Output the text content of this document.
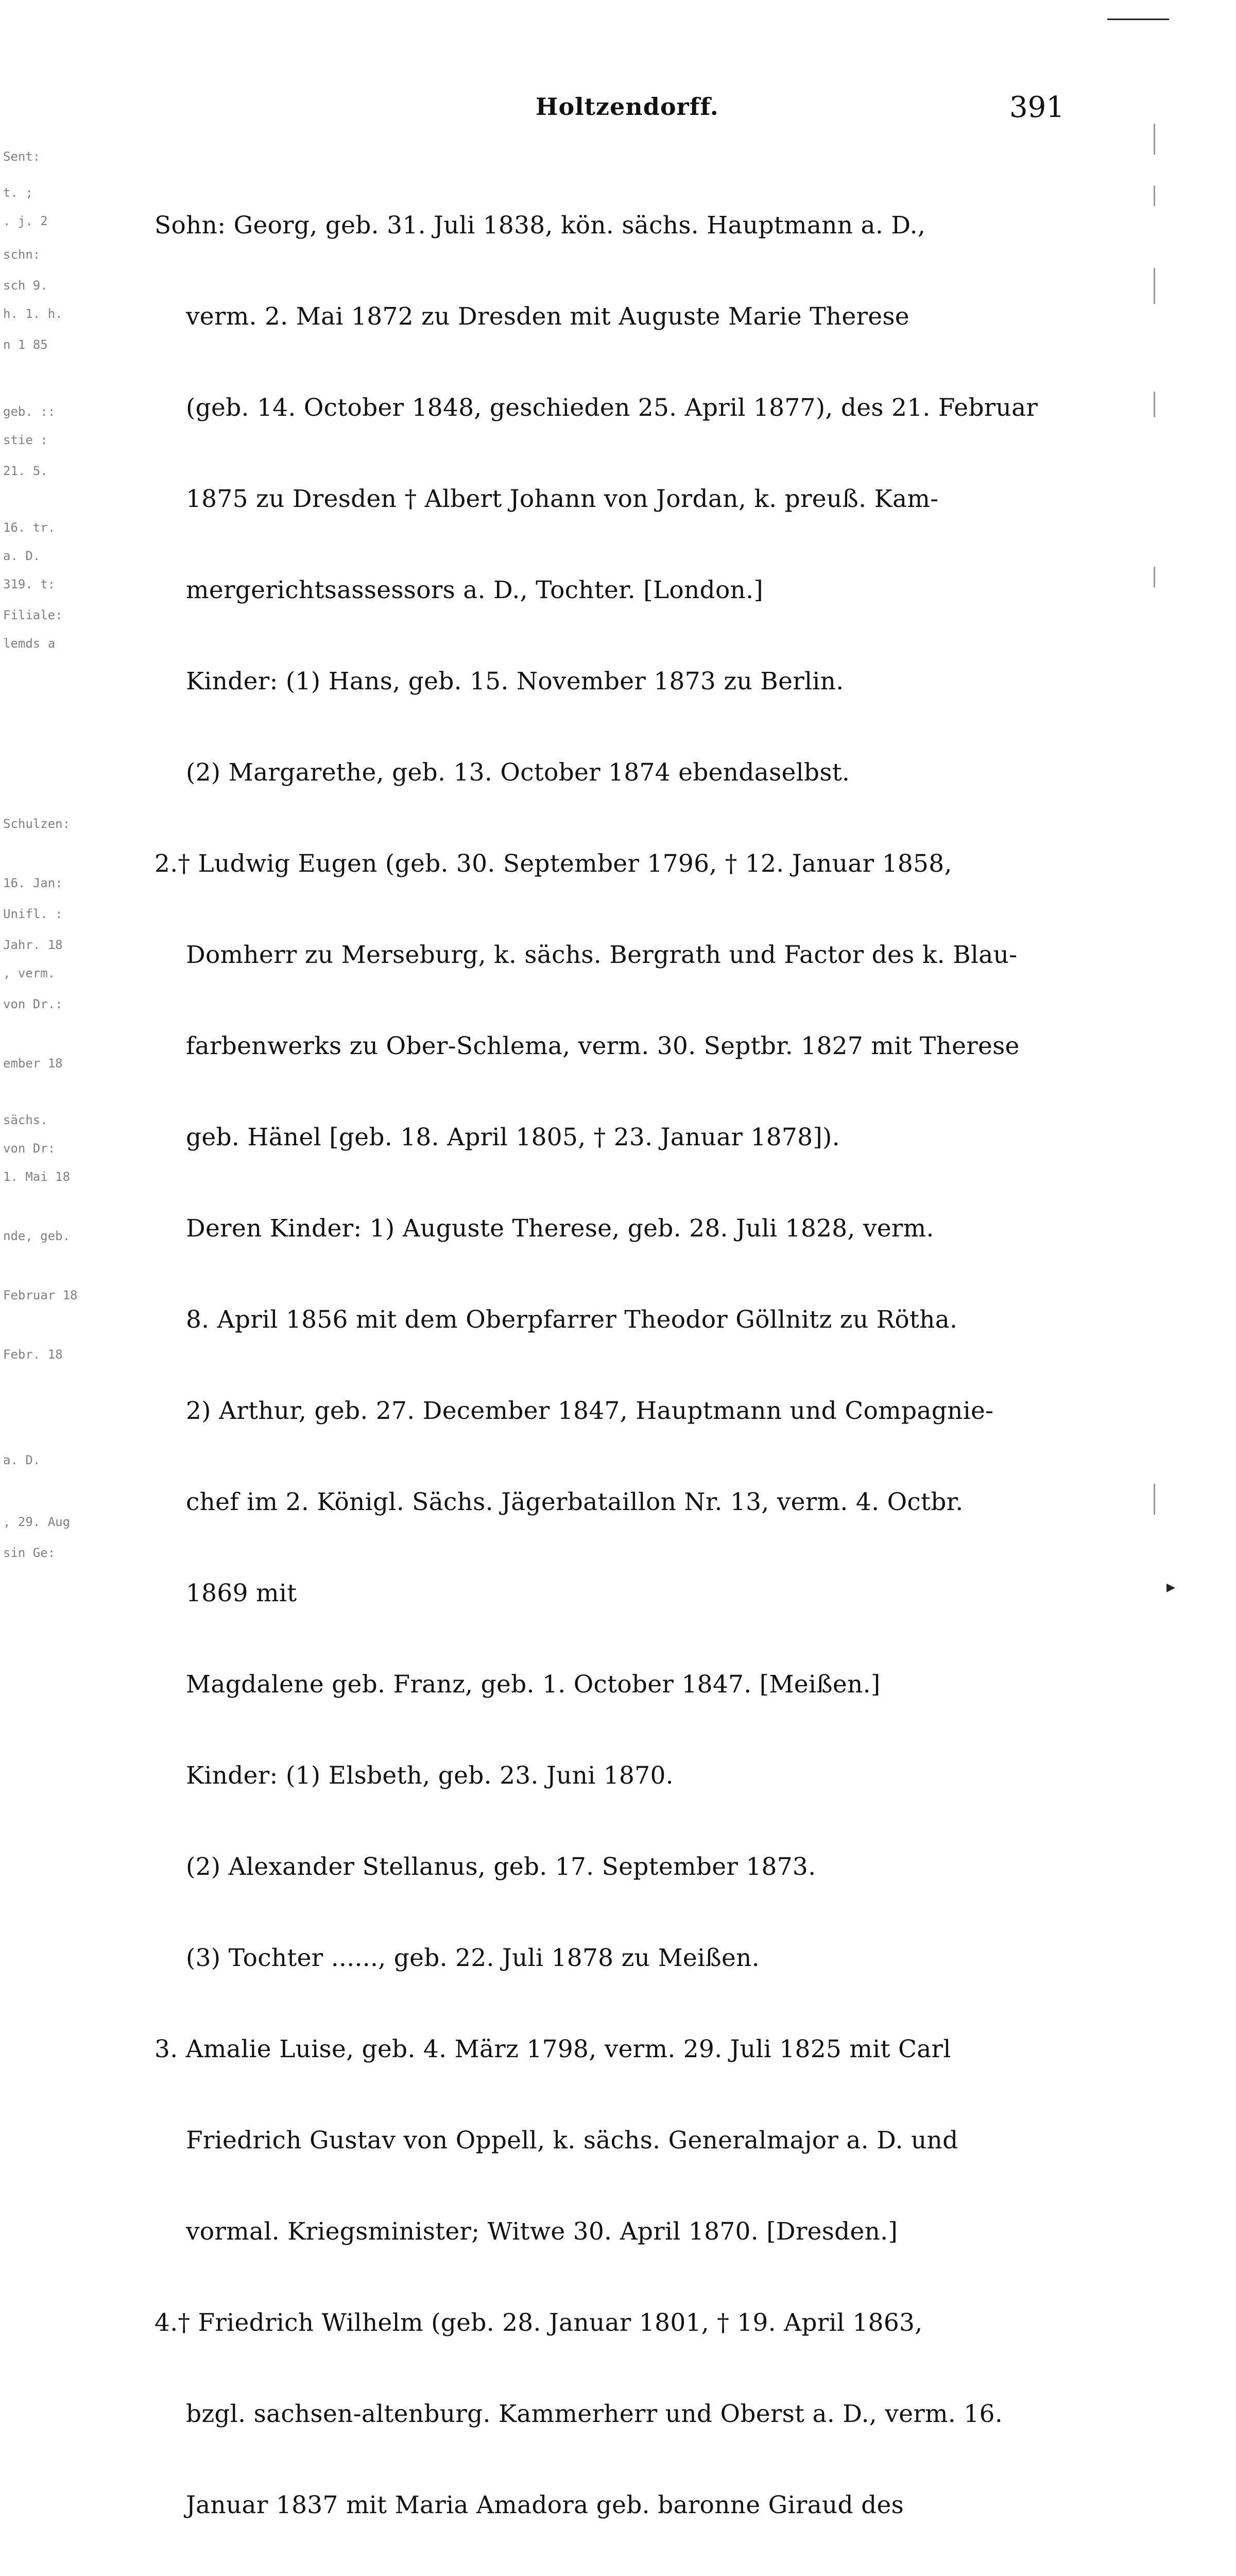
Holtzendorff.	391
Sent:
t. ;
. j. 2
schn:
sch 9.
h. 1. h.
n 1 85
geb. ::
stie :
21. 5.
16. tr.
a. D.
319. t:
Filiale:
lemds a
Schulzen:
16. Jan:
Unifl. :
Jahr. 18
, verm.
von Dr.:
ember 18
sächs.
von Dr:
1. Mai 18
nde, geb.
Februar 18
Febr. 18
a. D.
, 29. Aug
sin Ge:

Sohn: Georg, geb. 31. Juli 1838, kön. sächs. Hauptmann a. D.,

verm. 2. Mai 1872 zu Dresden mit Auguste Marie Therese

(geb. 14. October 1848, geschieden 25. April 1877), des 21. Februar

1875 zu Dresden † Albert Johann von Jordan, k. preuß. Kam-

mergerichtsassessors a. D., Tochter. [London.]

Kinder: (1) Hans, geb. 15. November 1873 zu Berlin.

(2) Margarethe, geb. 13. October 1874 ebendaselbst.

2.† Ludwig Eugen (geb. 30. September 1796, † 12. Januar 1858,

Domherr zu Merseburg, k. sächs. Bergrath und Factor des k. Blau-

farbenwerks zu Ober-Schlema, verm. 30. Septbr. 1827 mit Therese

geb. Hänel [geb. 18. April 1805, † 23. Januar 1878]).

Deren Kinder: 1) Auguste Therese, geb. 28. Juli 1828, verm.

8. April 1856 mit dem Oberpfarrer Theodor Göllnitz zu Rötha.

2) Arthur, geb. 27. December 1847, Hauptmann und Compagnie-

chef im 2. Königl. Sächs. Jägerbataillon Nr. 13, verm. 4. Octbr.

1869 mit

Magdalene geb. Franz, geb. 1. October 1847. [Meißen.]

Kinder: (1) Elsbeth, geb. 23. Juni 1870.

(2) Alexander Stellanus, geb. 17. September 1873.

(3) Tochter ......, geb. 22. Juli 1878 zu Meißen.

3. Amalie Luise, geb. 4. März 1798, verm. 29. Juli 1825 mit Carl

Friedrich Gustav von Oppell, k. sächs. Generalmajor a. D. und

vormal. Kriegsminister; Witwe 30. April 1870. [Dresden.]

4.† Friedrich Wilhelm (geb. 28. Januar 1801, † 19. April 1863,

bzgl. sachsen-altenburg. Kammerherr und Oberst a. D., verm. 16.

Januar 1837 mit Maria Amadora geb. baronne Giraud des

▸
